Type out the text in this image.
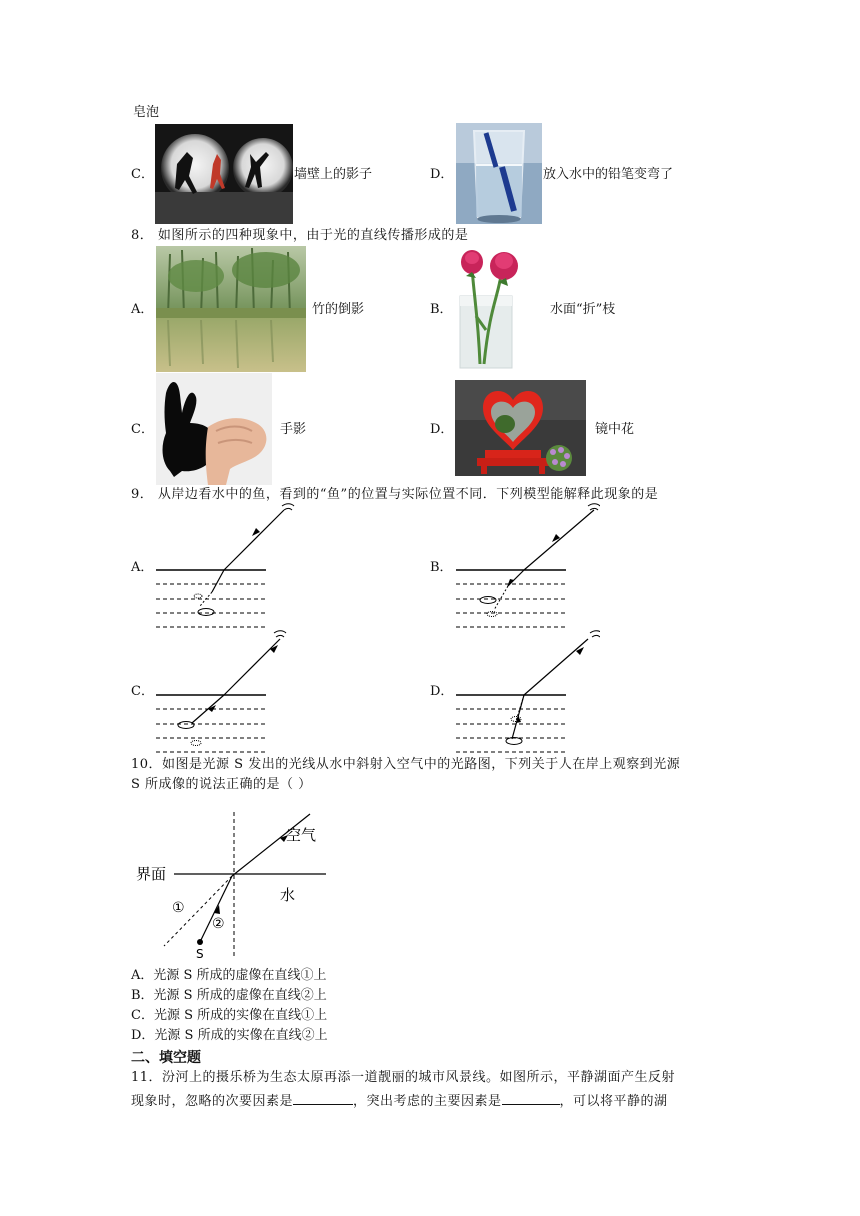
皂泡
C．	墙壁上的影子	D．	放入水中的铅笔变弯了
8． 如图所示的四种现象中，由于光的直线传播形成的是
A．	竹的倒影	B．	水面“折”枝
C．	手影	D．	镜中花
9． 从岸边看水中的鱼，看到的“鱼”的位置与实际位置不同．下列模型能解释此现象的是
A．	B．
C．	D．
10．如图是光源 S 发出的光线从水中斜射入空气中的光路图，下列关于人在岸上观察到光源
S 所成像的说法正确的是（ ）
空气
界面
水
①
②
S
A．光源 S 所成的虚像在直线①上
B．光源 S 所成的虚像在直线②上
C．光源 S 所成的实像在直线①上
D．光源 S 所成的实像在直线②上
二、填空题
11．汾河上的摄乐桥为生态太原再添一道靓丽的城市风景线。如图所示，平静湖面产生反射
现象时，忽略的次要因素是	，突出考虑的主要因素是	，可以将平静的湖
